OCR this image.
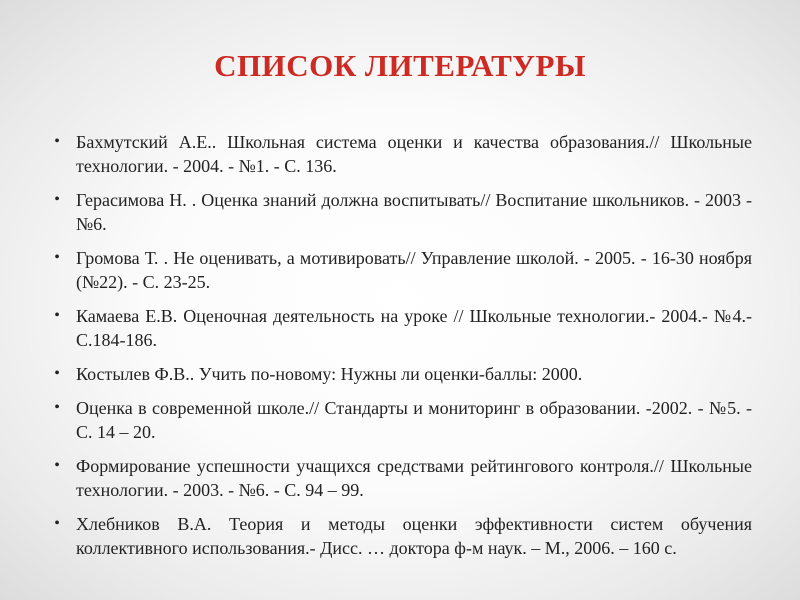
СПИСОК ЛИТЕРАТУРЫ
• Бахмутский А.Е.. Школьная система оценки и качества образования.// Школьные технологии. - 2004. - №1. - С. 136.
• Герасимова Н. . Оценка знаний должна воспитывать// Воспитание школьников. - 2003 - №6.
• Громова Т. . Не оценивать, а мотивировать// Управление школой. - 2005. - 16-30 ноября (№22). - С. 23-25.
• Камаева Е.В. Оценочная деятельность на уроке // Школьные технологии.- 2004.- №4.- С.184-186.
• Костылев Ф.В.. Учить по-новому: Нужны ли оценки-баллы: 2000.
• Оценка в современной школе.// Стандарты и мониторинг в образовании. -2002. - №5. - С. 14 – 20.
• Формирование успешности учащихся средствами рейтингового контроля.// Школьные технологии. - 2003. - №6. - С. 94 – 99.
• Хлебников В.А. Теория и методы оценки эффективности систем обучения коллективного использования.- Дисс. … доктора ф-м наук. – М., 2006. – 160 с.
